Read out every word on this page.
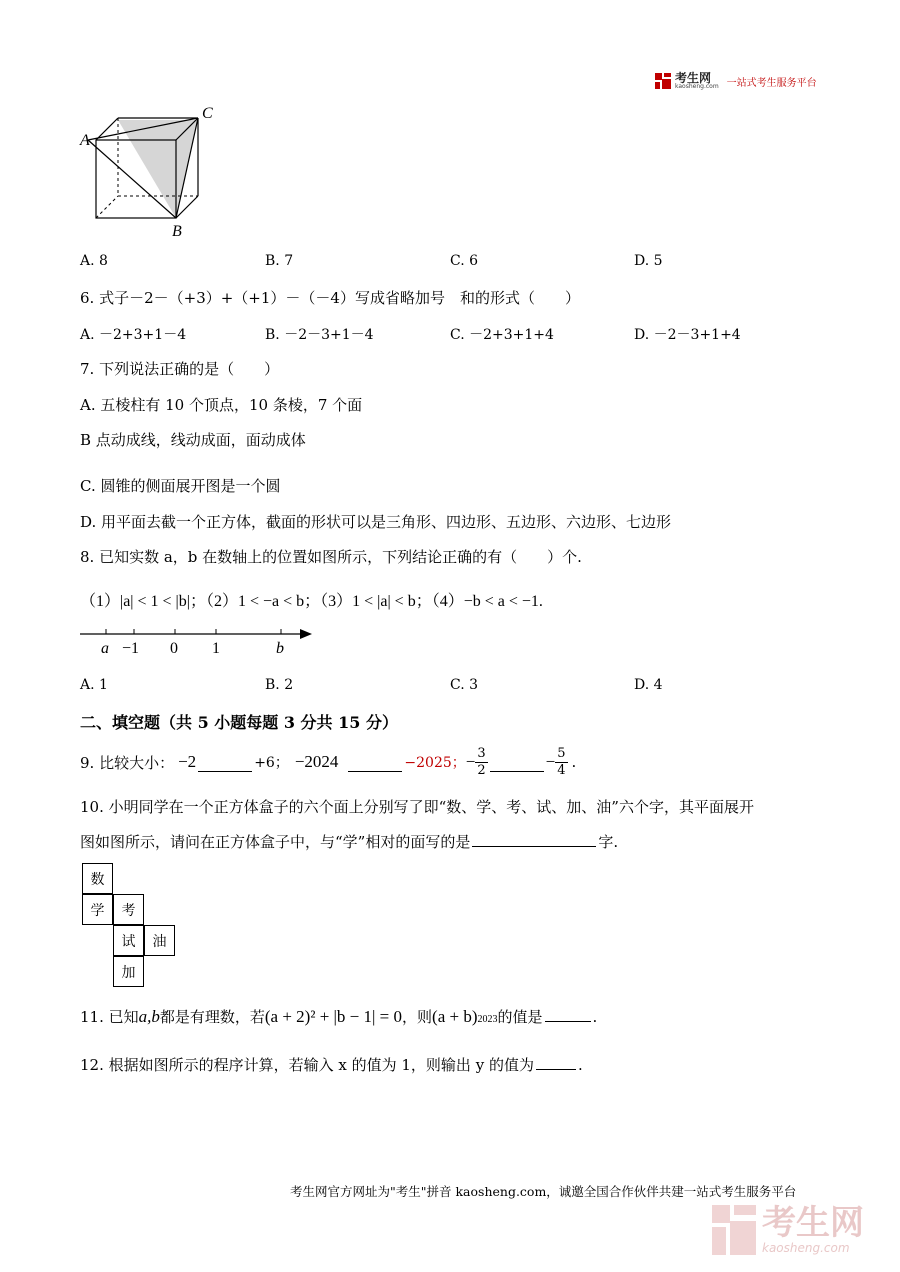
考生网
kaosheng.com 一站式考生服务平台
A
C
B
A. 8	B. 7	C. 6	D. 5
6. 式子－2－（+3）+（+1）－（－4）写成省略加号　和的形式（　　）
A. －2+3+1－4	B. －2－3+1－4	C. －2+3+1+4	D. －2－3+1+4
7. 下列说法正确的是（　　）
A. 五棱柱有 10 个顶点，10 条棱，7 个面
B 点动成线，线动成面，面动成体
C. 圆锥的侧面展开图是一个圆
D. 用平面去截一个正方体，截面的形状可以是三角形、四边形、五边形、六边形、七边形
8. 已知实数 a，b 在数轴上的位置如图所示，下列结论正确的有（　　）个.
（1）|a| < 1 < |b|；（2）1 < −a < b；（3）1 < |a| < b；（4）−b < a < −1.
a −1 0 1	b
A. 1	B. 2	C. 3	D. 4
二、填空题（共 5 小题每题 3 分共 15 分）
9. 比较大小： −2	+6； −2024	−2025； − $\frac{3}{2}$	− $\frac{5}{4}$ .
10. 小明同学在一个正方体盒子的六个面上分别写了即“数、学、考、试、加、油”六个字，其平面展开
图如图所示，请问在正方体盒子中，与“学”相对的面写的是	字.
数
学	考
试	油
加
11. 已知 a,b 都是有理数，若 (a + 2)² + |b − 1| = 0 ，则 (a + b) 2023 的值是	.
12. 根据如图所示的程序计算，若输入 x 的值为 1，则输出 y 的值为	.
考生网官方网址为"考生"拼音 kaosheng.com，诚邀全国合作伙伴共建一站式考生服务平台
考生网
kaosheng.com
